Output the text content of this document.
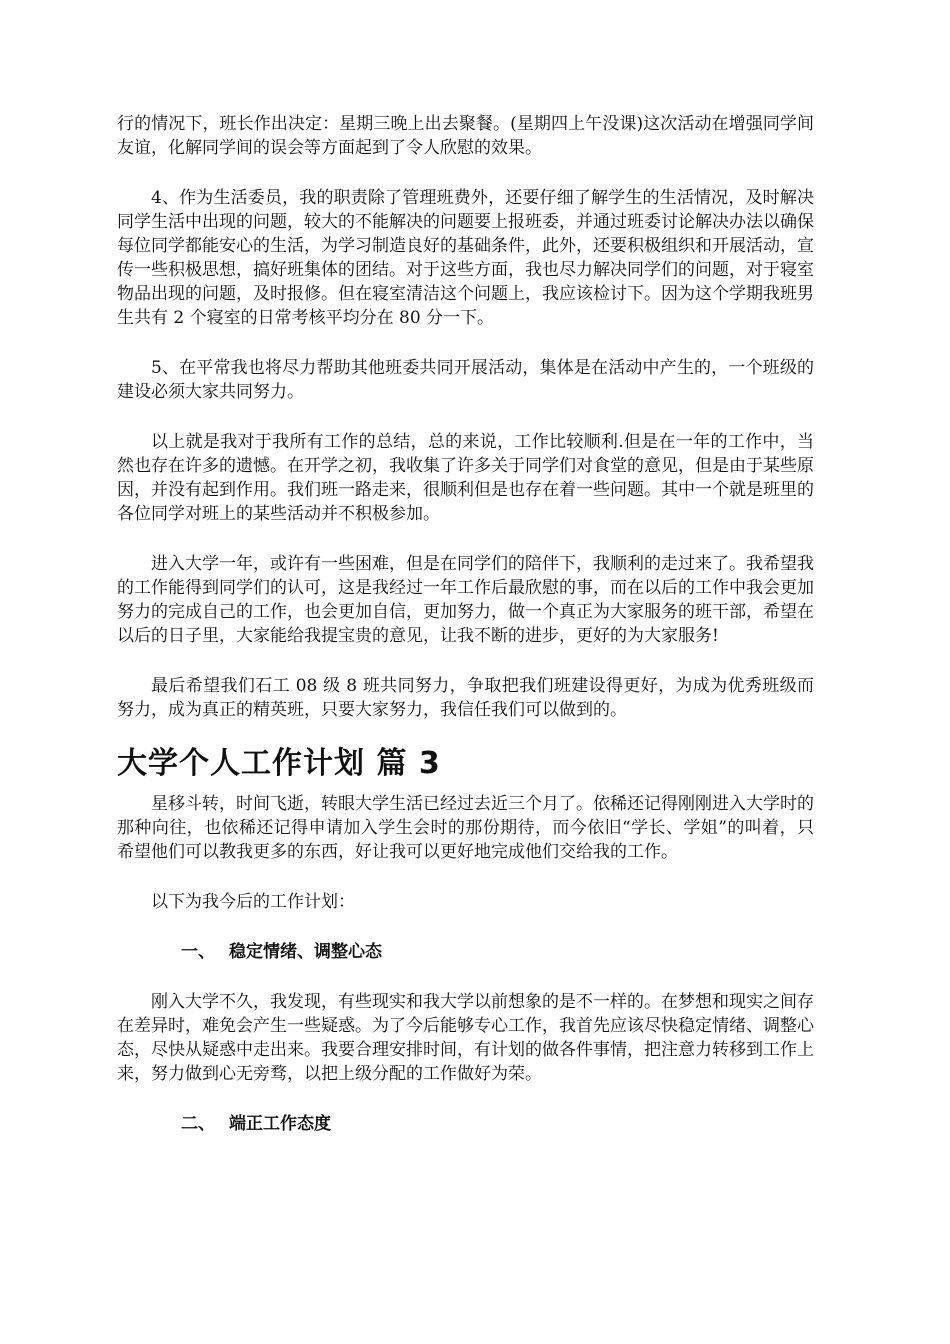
行的情况下，班长作出决定：星期三晚上出去聚餐。(星期四上午没课)这次活动在增强同学间友谊，化解同学间的误会等方面起到了令人欣慰的效果。

4、作为生活委员，我的职责除了管理班费外，还要仔细了解学生的生活情况，及时解决同学生活中出现的问题，较大的不能解决的问题要上报班委，并通过班委讨论解决办法以确保每位同学都能安心的生活，为学习制造良好的基础条件，此外，还要积极组织和开展活动，宣传一些积极思想，搞好班集体的团结。对于这些方面，我也尽力解决同学们的问题，对于寝室物品出现的问题，及时报修。但在寝室清洁这个问题上，我应该检讨下。因为这个学期我班男生共有 2 个寝室的日常考核平均分在 80 分一下。

5、在平常我也将尽力帮助其他班委共同开展活动，集体是在活动中产生的，一个班级的建设必须大家共同努力。

以上就是我对于我所有工作的总结，总的来说，工作比较顺利.但是在一年的工作中，当然也存在许多的遗憾。在开学之初，我收集了许多关于同学们对食堂的意见，但是由于某些原因，并没有起到作用。我们班一路走来，很顺利但是也存在着一些问题。其中一个就是班里的各位同学对班上的某些活动并不积极参加。

进入大学一年，或许有一些困难，但是在同学们的陪伴下，我顺利的走过来了。我希望我的工作能得到同学们的认可，这是我经过一年工作后最欣慰的事，而在以后的工作中我会更加努力的完成自己的工作，也会更加自信，更加努力，做一个真正为大家服务的班干部，希望在以后的日子里，大家能给我提宝贵的意见，让我不断的进步，更好的为大家服务!

最后希望我们石工 08 级 8 班共同努力，争取把我们班建设得更好，为成为优秀班级而努力，成为真正的精英班，只要大家努力，我信任我们可以做到的。

大学个人工作计划 篇 3

星移斗转，时间飞逝，转眼大学生活已经过去近三个月了。依稀还记得刚刚进入大学时的那种向往，也依稀还记得申请加入学生会时的那份期待，而今依旧“学长、学姐”的叫着，只希望他们可以教我更多的东西，好让我可以更好地完成他们交给我的工作。

以下为我今后的工作计划：

一、 稳定情绪、调整心态

刚入大学不久，我发现，有些现实和我大学以前想象的是不一样的。在梦想和现实之间存在差异时，难免会产生一些疑惑。为了今后能够专心工作，我首先应该尽快稳定情绪、调整心态，尽快从疑惑中走出来。我要合理安排时间，有计划的做各件事情，把注意力转移到工作上来，努力做到心无旁骛，以把上级分配的工作做好为荣。

二、 端正工作态度
